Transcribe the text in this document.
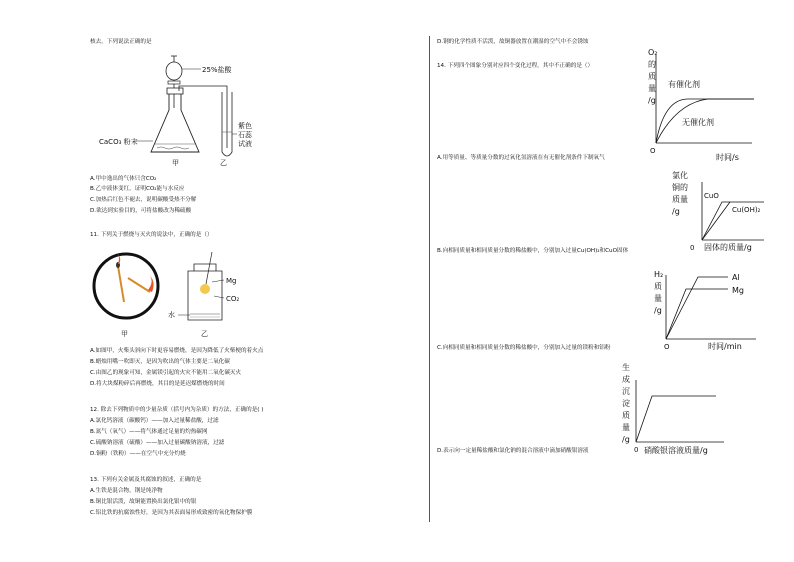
核去。下列说法正确的是
25%盐酸
CaCO₃ 粉末
紫色
石蕊
试液
甲	乙
A.甲中逸出的气体只含CO₂
B.乙中液体变红，证明CO₂能与水反应
C.加热后红色不褪去，说明碳酸受热不分解
D.欲达到实验目的，可将盐酸改为稀硫酸
11. 下列关于燃烧与灭火的说法中，正确的是（）
甲
Mg
CO₂
水
乙
A.如图甲，火柴头斜向下时更容易燃烧，是因为降低了火柴梗的着火点
B.蜡烛用嘴一吹即灭，是因为吹出的气体主要是二氧化碳
C.由图乙的现象可知，金属镁引起的火灾不能用二氧化碳灭火
D.将大块煤粉碎后再燃烧，其目的是延迟煤燃烧的时间
12. 除去下列物质中的少量杂质（括号内为杂质）的方法，正确的是( )
A.氯化钙溶液（碳酸钙）——加入过量稀盐酸，过滤
B.氮气（氧气）——将气体通过足量的灼热碳网
C.硫酸钠溶液（硫酸）——加入过量碳酸钠溶液，过滤
D.铜粉（铁粉）——在空气中充分灼烧
13. 下列有关金属及其腐蚀的叙述，正确的是
A.生铁是混合物，钢是纯净物
B.铜比银活泼，故铜能置换出氯化银中的银
C.铝比铁的抗腐蚀性好，是因为其表面易形成致密的氧化物保护膜
D.钢的化学性质不活泼，故铜器放置在潮湿的空气中不会锈蚀
14. 下列四个图象分别对应四个变化过程，其中不正确的是（）
O₂
的
质
量
/g
有催化剂
无催化剂
O
时间/s
A.用等质量、等质量分数的过氧化氢溶液在有无催化剂条件下制氧气
氯化
铜的
质量
/g
CuO
Cu(OH)₂
0 固体的质量/g
B.向相同质量和相同质量分数的稀盐酸中，分别加入过量Cu(OH)₂和CuO固体
H₂
质
量
/g
Al
Mg
O	时间/min
C.向相同质量和相同质量分数的稀盐酸中，分别加入过量的镁粉和铝粉
生
成
沉
淀
质
量
/g
0 硝酸银溶液质量/g
D.表示向一定量稀盐酸和氯化钠的混合溶液中滴加硝酸银溶液
